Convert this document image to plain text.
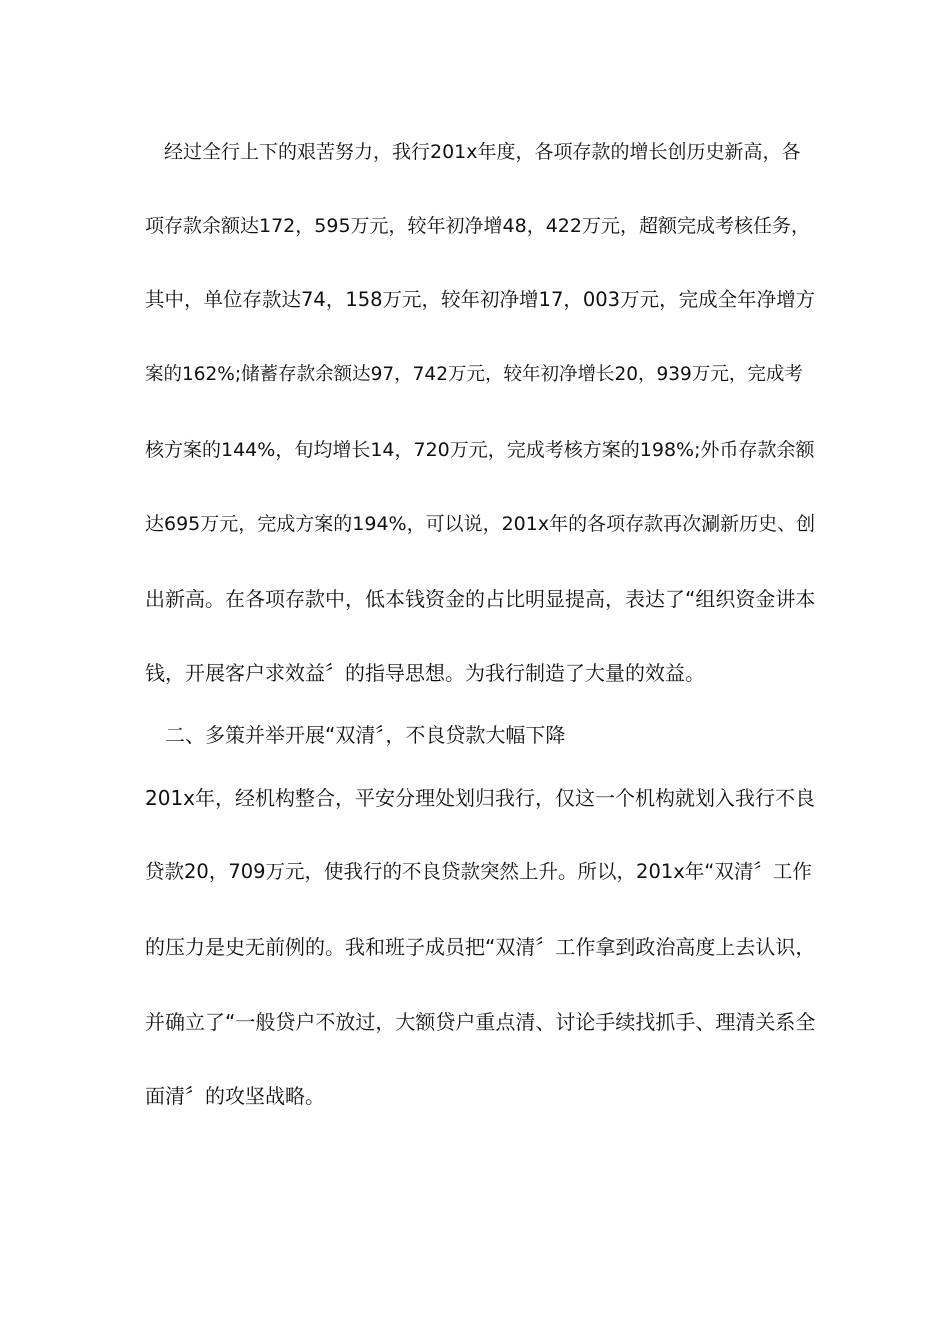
　经过全行上下的艰苦努力，我行201x年度，各项存款的增长创历史新高，各
项存款余额达172，595万元，较年初净增48，422万元，超额完成考核任务，
其中，单位存款达74，158万元，较年初净增17，003万元，完成全年净增方
案的162%;储蓄存款余额达97，742万元，较年初净增长20，939万元，完成考
核方案的144%，旬均增长14，720万元，完成考核方案的198%;外币存款余额
达695万元，完成方案的194%，可以说，201x年的各项存款再次涮新历史、创
出新高。在各项存款中，低本钱资金的占比明显提高，表达了“组织资金讲本
钱，开展客户求效益〞的指导思想。为我行制造了大量的效益。
　二、多策并举开展“双清〞，不良贷款大幅下降
201x年，经机构整合，平安分理处划归我行，仅这一个机构就划入我行不良
贷款20，709万元，使我行的不良贷款突然上升。所以，201x年“双清〞工作
的压力是史无前例的。我和班子成员把“双清〞工作拿到政治高度上去认识，
并确立了“一般贷户不放过，大额贷户重点清、讨论手续找抓手、理清关系全
面清〞的攻坚战略。
